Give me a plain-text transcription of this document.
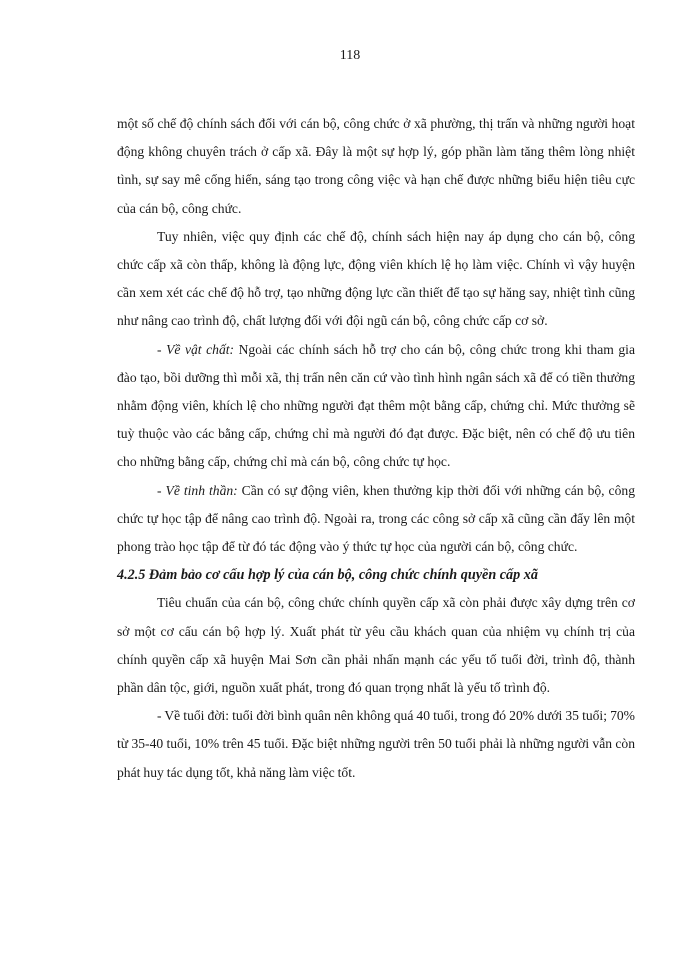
118

một số chế độ chính sách đối với cán bộ, công chức ở xã phường, thị trấn và những người hoạt động không chuyên trách ở cấp xã. Đây là một sự hợp lý, góp phần làm tăng thêm lòng nhiệt tình, sự say mê cống hiến, sáng tạo trong công việc và hạn chế được những biểu hiện tiêu cực của cán bộ, công chức.

Tuy nhiên, việc quy định các chế độ, chính sách hiện nay áp dụng cho cán bộ, công chức cấp xã còn thấp, không là động lực, động viên khích lệ họ làm việc. Chính vì vậy huyện cần xem xét các chế độ hỗ trợ, tạo những động lực cần thiết để tạo sự hăng say, nhiệt tình cũng như nâng cao trình độ, chất lượng đối với đội ngũ cán bộ, công chức cấp cơ sở.

- Về vật chất: Ngoài các chính sách hỗ trợ cho cán bộ, công chức trong khi tham gia đào tạo, bồi dưỡng thì mỗi xã, thị trấn nên căn cứ vào tình hình ngân sách xã để có tiền thưởng nhằm động viên, khích lệ cho những người đạt thêm một bằng cấp, chứng chỉ. Mức thưởng sẽ tuỳ thuộc vào các bằng cấp, chứng chỉ mà người đó đạt được. Đặc biệt, nên có chế độ ưu tiên cho những bằng cấp, chứng chỉ mà cán bộ, công chức tự học.

- Về tinh thần: Cần có sự động viên, khen thưởng kịp thời đối với những cán bộ, công chức tự học tập để nâng cao trình độ. Ngoài ra, trong các công sở cấp xã cũng cần đẩy lên một phong trào học tập để từ đó tác động vào ý thức tự học của người cán bộ, công chức.

4.2.5 Đảm bảo cơ cấu hợp lý của cán bộ, công chức chính quyền cấp xã

Tiêu chuẩn của cán bộ, công chức chính quyền cấp xã còn phải được xây dựng trên cơ sở một cơ cấu cán bộ hợp lý. Xuất phát từ yêu cầu khách quan của nhiệm vụ chính trị của chính quyền cấp xã huyện Mai Sơn cần phải nhấn mạnh các yếu tố tuổi đời, trình độ, thành phần dân tộc, giới, nguồn xuất phát, trong đó quan trọng nhất là yếu tố trình độ.

- Về tuổi đời: tuổi đời bình quân nên không quá 40 tuổi, trong đó 20% dưới 35 tuổi; 70% từ 35-40 tuổi, 10% trên 45 tuổi. Đặc biệt những người trên 50 tuổi phải là những người vẫn còn phát huy tác dụng tốt, khả năng làm việc tốt.
